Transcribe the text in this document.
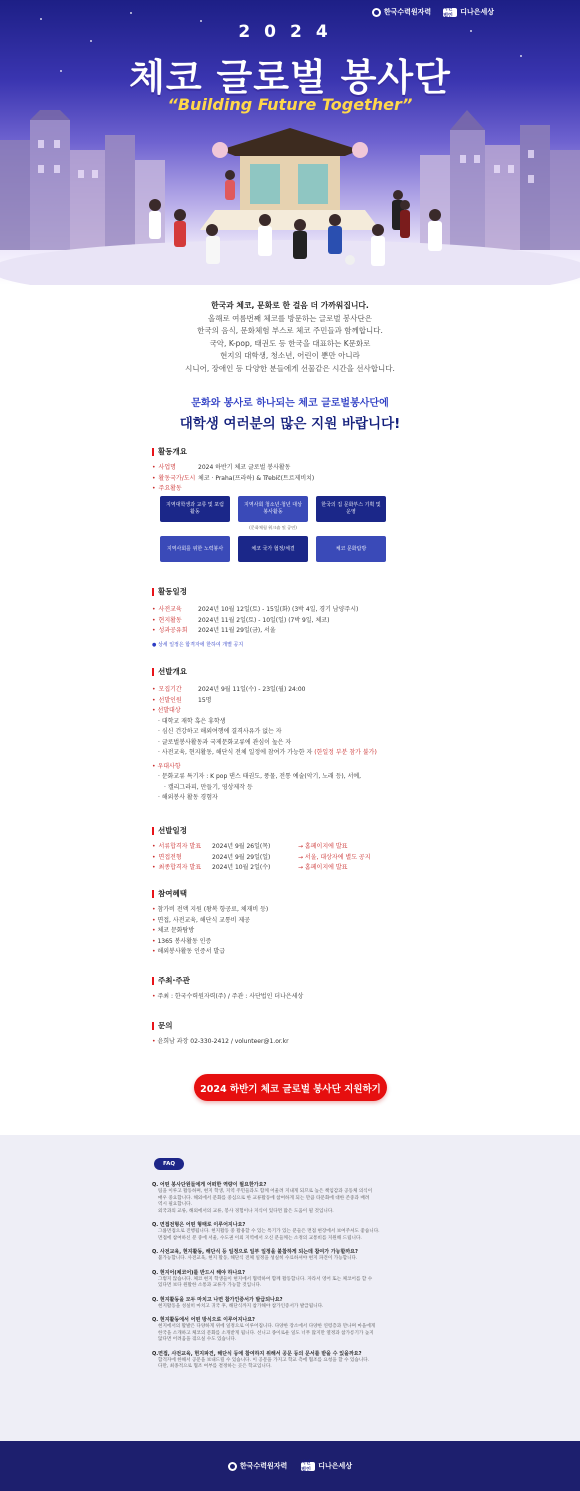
한국수력원자력 사단법인	디나은세상
2024
체코 글로벌 봉사단
“Building Future Together”

한국과 체코, 문화로 한 걸음 더 가까워집니다.

올해로 여름번째 체코를 방문하는 글로벌 봉사단은

한국의 음식, 문화체험 부스로 체코 주민들과 함께합니다.

국악, K-pop, 태권도 등 한국을 대표하는 K문화로

현지의 대학생, 청소년, 어린이 뿐만 아니라

시니어, 장애인 등 다양한 분들에게 선물같은 시간을 선사합니다.

문화와 봉사로 하나되는 체코 글로벌봉사단에
대학생 여러분의 많은 지원 바랍니다!
활동개요
• 사업명	2024 하반기 체코 글로벌 봉사활동
• 활동국가/도시 체코 · Praha(프라하) & Třebíč(트르제비치)
• 주요활동
지역대학생과 교류 및 포럼 활동
지역사회 청소년·청년 대상 봉사활동
(문화체험 워크숍 및 공연)
한국의 집 문화부스 기획 및 운영
지역사회를 위한 노력봉사	체코 국가 협정/체결	체코 문화탐방
활동일정
• 사전교육	2024년 10월 12일(토) - 15일(화) (3박 4일, 경기 남양주시)
• 현지활동	2024년 11월 2일(토) - 10일(일) (7박 9일, 체코)
• 성과공유회	2024년 11월 29일(금), 서울
● 상세 일정은 합격자에 한하여 개별 공지
선발개요
• 모집기간	2024년 9월 11일(수) - 23일(월) 24:00
• 선발인원	15명
• 선발대상
· 대학교 재학 혹은 휴학생
· 심신 건강하고 해외여행에 결격사유가 없는 자
· 글로벌봉사활동과 국제문화교류에 관심이 높은 자
· 사전교육, 현지활동, 해단식 전체 일정에 참여가 가능한 자 (한일정 부분 참가 불가)
• 우대사항
· 문화교류 특기자 : K pop 댄스 태권도, 풍물, 전통 예술(악기, 노래 등), 서예,
· 캘리그라피, 만들기, 영상제작 등
· 해외봉사 활동 경험자
선발일정
• 서류합격자 발표	2024년 9월 26일(목)	→ 홈페이지에 발표
• 면접전형	2024년 9월 29일(일)	→ 서울, 대상자에 별도 공지
• 최종합격자 발표	2024년 10월 2일(수)	→ 홈페이지에 발표
참여혜택
• 참가비 전액 지원 (왕복 항공료, 체재비 등)
• 면접, 사전교육, 해단식 교통비 제공
• 체코 문화탐방
• 1365 봉사활동 인증
• 해외봉사활동 인증서 발급
주최·주관
• 주최 : 한국수력원자력(주) / 주관 : 사단법인 더나은세상
문의
• 윤희남 과장 02-330-2412 / volunteer@1.or.kr
2024 하반기 체코 글로벌 봉사단 지원하기
FAQ
Q. 어떤 봉사단원들에게 어떠한 역량이 필요한가요?
팀을 이루고 활동하며, 현지 학생, 지역 주민들과도 함께 어울려 지내게 되므로 높은 책임감과 공동체 의식이
매우 중요합니다. 해외에서 문화를 중심으로 한 교류활동에 참여하게 되는 만큼 타문화에 대한 존중과 배려
역시 필요합니다.
외국과의 교류, 해외에서의 교류, 봉사 경험이나 지식이 있다면 많은 도움이 될 것입니다.
Q. 면접전형은 어떤 형태로 이루어지나요?
그룹면접으로 진행됩니다. 현지활동 중 활용할 수 있는 특기가 있는 분들은 면접 현장에서 보여주셔도 좋습니다.
면접에 참여하신 분 중에 서울, 수도권 이외 지역에서 오신 분들께는 소정의 교통비를 지원해 드립니다.
Q. 사전교육, 현지활동, 해단식 등 일정으로 일부 일정을 불참하게 되는데 참여가 가능할까요?
불가능합니다. 사전교육, 현지 활동, 해단식 전체 일정을 성실히 수료하셔야 현지 파견이 가능합니다.
Q. 현지어(체코어)를 반드시 해야 하나요?
그렇지 않습니다. 체코 현지 학생들이 현지에서 협력하여 함께 활동합니다. 자라서 영어 또는 체코어를 할 수
있다면 보다 원활한 소통과 교류가 가능할 것입니다.
Q. 현지활동을 모두 마치고 나면 참가인증서가 발급되나요?
현지활동을 성실히 마치고 귀국 후, 해단식까지 참가해야 참가인증서가 발급됩니다.
Q. 현지활동에서 어떤 방식으로 이루어지나요?
현지에서의 활발은 다양하게 위에 일정으로 이루어집니다. 다양한 장소에서 다양한 연령층과 만나며 마을에게
한국을 소개하고 체코의 문화를 소개받게 됩니다. 선니고 종이로운 일도 너무 많지만 열정과 참가릉기가 높지
않다면 어려움을 겪으실 수도 있습니다.
Q.면접, 사전교육, 현지파견, 해단식 등에 참여하지 위해서 공문 등의 문서를 받을 수 있을까요?
합격자에 한해서 공문을 보내드릴 수 있습니다. 이 공문을 가지고 학교 측에 협조를 요청을 할 수 있습니다.
다만, 최종적으로 협조 여부를 결정하는 곳은 학교입니다.
한국수력원자력	사단법인	디나은세상
